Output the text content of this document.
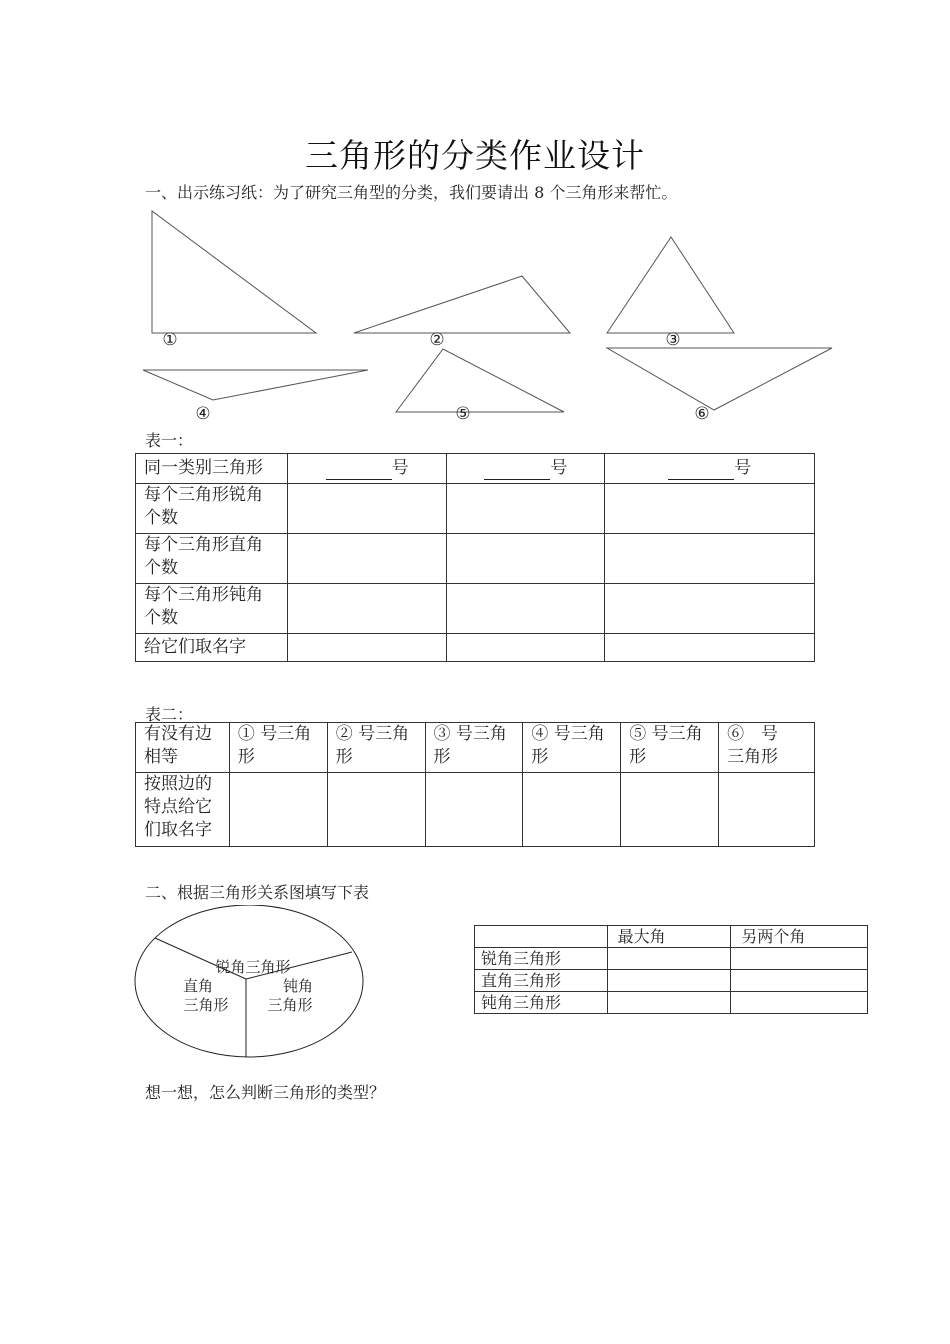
三角形的分类作业设计
一、出示练习纸：为了研究三角型的分类，我们要请出 8 个三角形来帮忙。
①	②	③
④	⑤	⑥
表一：
同一类别三角形	号	号	号
每个三角形锐角个数			
每个三角形直角个数			
每个三角形钝角个数			
给它们取名字			
表二：
有没有边相等	① 号三角形	② 号三角形	③ 号三角形	④ 号三角形	⑤ 号三角形	⑥　号　三角形
按照边的特点给它们取名字						
二、根据三角形关系图填写下表
锐角三角形
直角
三角形
钝角
三角形
	最大角	另两个角
锐角三角形		
直角三角形		
钝角三角形		
想一想，怎么判断三角形的类型？
